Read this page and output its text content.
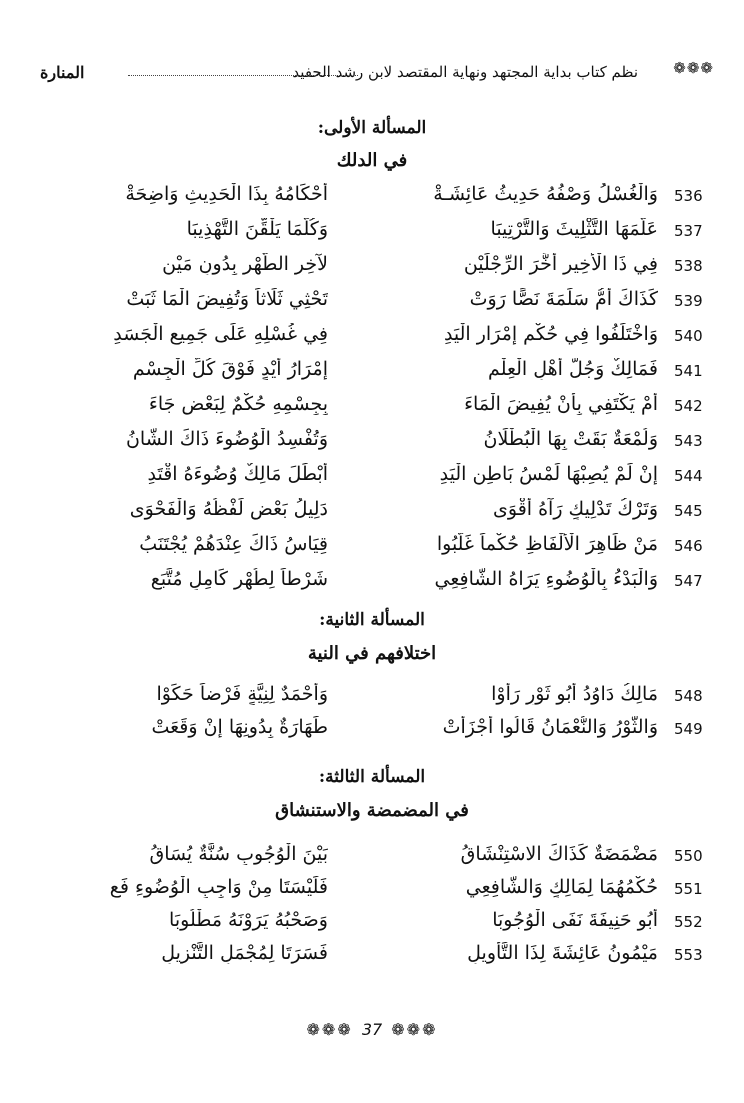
❁❁❁
نظم كتاب بداية المجتهد ونهاية المقتصد لابن رشد الحفيد
المنارة
المسألة الأولى:
في الدلك
536
وَالْغُسْلُ وَصْفُهُ حَدِيثُ عَائِشَـةْ
أَحْكَامُهُ بِذَا الْحَدِيثِ وَاضِحَةْ
537
عَلَّمَهَا التَّثْلِيثَ وَالتَّرْتِيبَا
وَكُلَّمَا يَلْقِّنَ التَّهْذِيبَا
538
فِي ذَا الْأَخِيرِ أَخَّرَ الرِّجْلَيْنِ
لآخِرِ الطُّهْرِ بِدُونِ مَيْنِ
539
كَذَاكَ أُمُّ سَلَمَةَ نَصًّا رَوَتْ
تَحْثِي ثَلَاثاً وَتُفِيضَ الْمَا ثَبَتْ
540
وَاخْتَلَفُوا فِي حُكْمِ إِمْرَارِ الْيَدِ
فِي غُسْلِهِ عَلَى جَمِيعِ الْجَسَدِ
541
فَمَالِكٌ وَجُلُّ أَهْلِ الْعِلْمِ
إِمْرَارُ أَيْدٍ فَوْقَ كُلِّ الْجِسْمِ
542
أَمْ يَكْتَفِي بِأَنْ يُفِيضَ الْمَاءَ
بِجِسْمِهِ حُكْمٌ لِبَعْضٍ جَاءَ
543
وَلُمْعَةٌ بَقَتْ بِهَا الْبُطْلَانُ
وَتُفْسِدُ الْوُضُوءَ ذَاكَ الشَّانُ
544
إِنْ لَمْ يُصِبْهَا لَمْسُ بَاطِنِ الْيَدِ
أَبْطَلَ مَالِكٌ وُضُوءَهُ اقْتَدِ
545
وَتَرْكُ تَدْلِيكٍ رَآهُ أَقْوَى
دَلِيلُ بَعْضٍ لَفْظُهُ وَالْفَحْوَى
546
مَنْ ظَاهِرَ الْأَلْفَاظِ حُكْماً غَلَّبُوا
قِيَاسُ ذَاكَ عِنْدَهُمْ يُجْتَنَبُ
547
وَالْبَدْءُ بِالْوُضُوءِ يَرَاهُ الشَّافِعِي
شَرْطاً لِطُهْرٍ كَامِلٍ مُتَّبَعِ
المسألة الثانية:
اختلافهم في النية
548
مَالِكُ دَاوُدُ أَبُو ثَوْرٍ رَأَوْا
وَأَحْمَدٌ لِنِيَّةٍ فَرْضاً حَكَوْا
549
وَالثَّوْرُ وَالنُّعْمَانُ قَالُوا أَجْزَأَتْ
طَهَارَةٌ بِدُونِهَا إِنْ وَقَعَتْ
المسألة الثالثة:
في المضمضة والاستنشاق
550
مَضْمَضَةٌ كَذَاكَ الاسْتِنْشَاقُ
بَيْنَ الْوُجُوبِ سُنَّةٌ يُسَاقُ
551
حُكْمُهُمَا لِمَالِكٍ وَالشَّافِعِي
فَلَيْسَتَا مِنْ وَاجِبِ الْوُضُوءِ فَعِ
552
أَبُو حَنِيفَةَ نَفَى الْوُجُوبَا
وَصَحْبُهُ يَرَوْنَهُ مَطْلُوبَا
553
مَيْمُونُ عَائِشَةَ لِذَا التَّأْوِيلِ
فَسَرَتَا لِمُجْمَلِ التَّنْزِيلِ
❁❁❁ 37 ❁❁❁
